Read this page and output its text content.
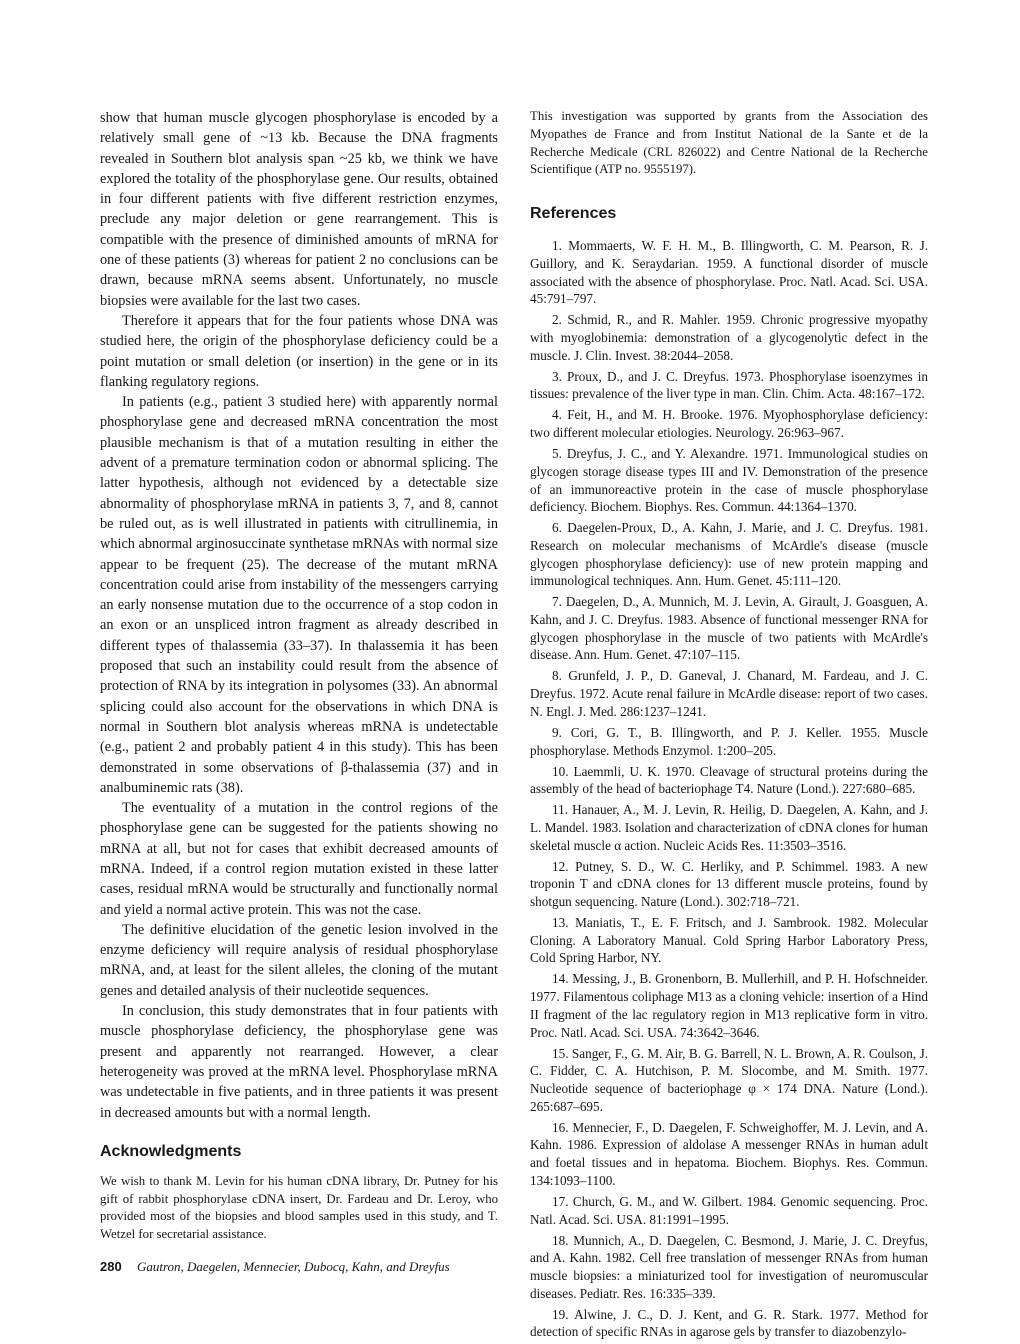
show that human muscle glycogen phosphorylase is encoded by a relatively small gene of ~13 kb. Because the DNA fragments revealed in Southern blot analysis span ~25 kb, we think we have explored the totality of the phosphorylase gene. Our results, obtained in four different patients with five different restriction enzymes, preclude any major deletion or gene rearrangement. This is compatible with the presence of diminished amounts of mRNA for one of these patients (3) whereas for patient 2 no conclusions can be drawn, because mRNA seems absent. Unfortunately, no muscle biopsies were available for the last two cases.

Therefore it appears that for the four patients whose DNA was studied here, the origin of the phosphorylase deficiency could be a point mutation or small deletion (or insertion) in the gene or in its flanking regulatory regions.

In patients (e.g., patient 3 studied here) with apparently normal phosphorylase gene and decreased mRNA concentration the most plausible mechanism is that of a mutation resulting in either the advent of a premature termination codon or abnormal splicing. The latter hypothesis, although not evidenced by a detectable size abnormality of phosphorylase mRNA in patients 3, 7, and 8, cannot be ruled out, as is well illustrated in patients with citrullinemia, in which abnormal arginosuccinate synthetase mRNAs with normal size appear to be frequent (25). The decrease of the mutant mRNA concentration could arise from instability of the messengers carrying an early nonsense mutation due to the occurrence of a stop codon in an exon or an unspliced intron fragment as already described in different types of thalassemia (33–37). In thalassemia it has been proposed that such an instability could result from the absence of protection of RNA by its integration in polysomes (33). An abnormal splicing could also account for the observations in which DNA is normal in Southern blot analysis whereas mRNA is undetectable (e.g., patient 2 and probably patient 4 in this study). This has been demonstrated in some observations of β-thalassemia (37) and in analbuminemic rats (38).

The eventuality of a mutation in the control regions of the phosphorylase gene can be suggested for the patients showing no mRNA at all, but not for cases that exhibit decreased amounts of mRNA. Indeed, if a control region mutation existed in these latter cases, residual mRNA would be structurally and functionally normal and yield a normal active protein. This was not the case.

The definitive elucidation of the genetic lesion involved in the enzyme deficiency will require analysis of residual phosphorylase mRNA, and, at least for the silent alleles, the cloning of the mutant genes and detailed analysis of their nucleotide sequences.

In conclusion, this study demonstrates that in four patients with muscle phosphorylase deficiency, the phosphorylase gene was present and apparently not rearranged. However, a clear heterogeneity was proved at the mRNA level. Phosphorylase mRNA was undetectable in five patients, and in three patients it was present in decreased amounts but with a normal length.

Acknowledgments

We wish to thank M. Levin for his human cDNA library, Dr. Putney for his gift of rabbit phosphorylase cDNA insert, Dr. Fardeau and Dr. Leroy, who provided most of the biopsies and blood samples used in this study, and T. Wetzel for secretarial assistance.

This investigation was supported by grants from the Association des Myopathes de France and from Institut National de la Sante et de la Recherche Medicale (CRL 826022) and Centre National de la Recherche Scientifique (ATP no. 9555197).

References
1. Mommaerts, W. F. H. M., B. Illingworth, C. M. Pearson, R. J. Guillory, and K. Seraydarian. 1959. A functional disorder of muscle associated with the absence of phosphorylase. Proc. Natl. Acad. Sci. USA. 45:791–797.
2. Schmid, R., and R. Mahler. 1959. Chronic progressive myopathy with myoglobinemia: demonstration of a glycogenolytic defect in the muscle. J. Clin. Invest. 38:2044–2058.
3. Proux, D., and J. C. Dreyfus. 1973. Phosphorylase isoenzymes in tissues: prevalence of the liver type in man. Clin. Chim. Acta. 48:167–172.
4. Feit, H., and M. H. Brooke. 1976. Myophosphorylase deficiency: two different molecular etiologies. Neurology. 26:963–967.
5. Dreyfus, J. C., and Y. Alexandre. 1971. Immunological studies on glycogen storage disease types III and IV. Demonstration of the presence of an immunoreactive protein in the case of muscle phosphorylase deficiency. Biochem. Biophys. Res. Commun. 44:1364–1370.
6. Daegelen-Proux, D., A. Kahn, J. Marie, and J. C. Dreyfus. 1981. Research on molecular mechanisms of McArdle's disease (muscle glycogen phosphorylase deficiency): use of new protein mapping and immunological techniques. Ann. Hum. Genet. 45:111–120.
7. Daegelen, D., A. Munnich, M. J. Levin, A. Girault, J. Goasguen, A. Kahn, and J. C. Dreyfus. 1983. Absence of functional messenger RNA for glycogen phosphorylase in the muscle of two patients with McArdle's disease. Ann. Hum. Genet. 47:107–115.
8. Grunfeld, J. P., D. Ganeval, J. Chanard, M. Fardeau, and J. C. Dreyfus. 1972. Acute renal failure in McArdle disease: report of two cases. N. Engl. J. Med. 286:1237–1241.
9. Cori, G. T., B. Illingworth, and P. J. Keller. 1955. Muscle phosphorylase. Methods Enzymol. 1:200–205.
10. Laemmli, U. K. 1970. Cleavage of structural proteins during the assembly of the head of bacteriophage T4. Nature (Lond.). 227:680–685.
11. Hanauer, A., M. J. Levin, R. Heilig, D. Daegelen, A. Kahn, and J. L. Mandel. 1983. Isolation and characterization of cDNA clones for human skeletal muscle α action. Nucleic Acids Res. 11:3503–3516.
12. Putney, S. D., W. C. Herliky, and P. Schimmel. 1983. A new troponin T and cDNA clones for 13 different muscle proteins, found by shotgun sequencing. Nature (Lond.). 302:718–721.
13. Maniatis, T., E. F. Fritsch, and J. Sambrook. 1982. Molecular Cloning. A Laboratory Manual. Cold Spring Harbor Laboratory Press, Cold Spring Harbor, NY.
14. Messing, J., B. Gronenborn, B. Mullerhill, and P. H. Hofschneider. 1977. Filamentous coliphage M13 as a cloning vehicle: insertion of a Hind II fragment of the lac regulatory region in M13 replicative form in vitro. Proc. Natl. Acad. Sci. USA. 74:3642–3646.
15. Sanger, F., G. M. Air, B. G. Barrell, N. L. Brown, A. R. Coulson, J. C. Fidder, C. A. Hutchison, P. M. Slocombe, and M. Smith. 1977. Nucleotide sequence of bacteriophage φ × 174 DNA. Nature (Lond.). 265:687–695.
16. Mennecier, F., D. Daegelen, F. Schweighoffer, M. J. Levin, and A. Kahn. 1986. Expression of aldolase A messenger RNAs in human adult and foetal tissues and in hepatoma. Biochem. Biophys. Res. Commun. 134:1093–1100.
17. Church, G. M., and W. Gilbert. 1984. Genomic sequencing. Proc. Natl. Acad. Sci. USA. 81:1991–1995.
18. Munnich, A., D. Daegelen, C. Besmond, J. Marie, J. C. Dreyfus, and A. Kahn. 1982. Cell free translation of messenger RNAs from human muscle biopsies: a miniaturized tool for investigation of neuromuscular diseases. Pediatr. Res. 16:335–339.
19. Alwine, J. C., D. J. Kent, and G. R. Stark. 1977. Method for detection of specific RNAs in agarose gels by transfer to diazobenzylo-
280 Gautron, Daegelen, Mennecier, Dubocq, Kahn, and Dreyfus
